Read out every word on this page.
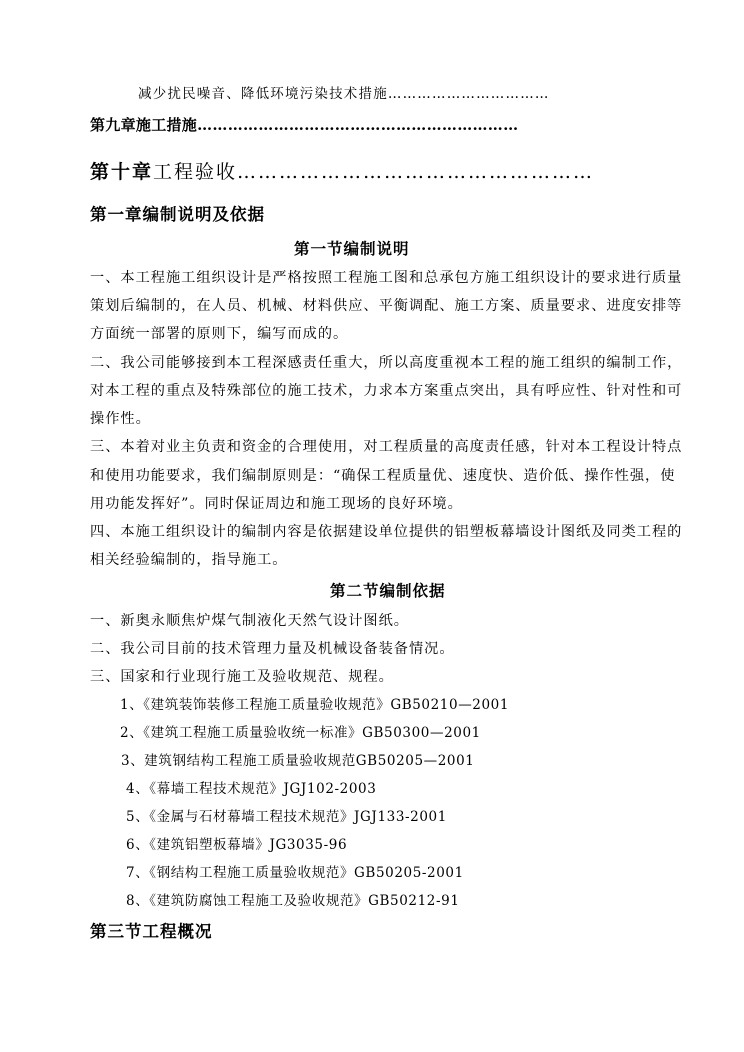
减少扰民噪音、降低环境污染技术措施……………………………
第九章施工措施………………………………………………………
第十章工程验收……………………………………………
第一章编制说明及依据
第一节编制说明
一、本工程施工组织设计是严格按照工程施工图和总承包方施工组织设计的要求进行质量
策划后编制的，在人员、机械、材料供应、平衡调配、施工方案、质量要求、进度安排等
方面统一部署的原则下，编写而成的。
二、我公司能够接到本工程深感责任重大，所以高度重视本工程的施工组织的编制工作，
对本工程的重点及特殊部位的施工技术，力求本方案重点突出，具有呼应性、针对性和可
操作性。
三、本着对业主负责和资金的合理使用，对工程质量的高度责任感，针对本工程设计特点
和使用功能要求，我们编制原则是：“确保工程质量优、速度快、造价低、操作性强，使
用功能发挥好”。同时保证周边和施工现场的良好环境。
四、本施工组织设计的编制内容是依据建设单位提供的铝塑板幕墙设计图纸及同类工程的
相关经验编制的，指导施工。
第二节编制依据
一、新奥永顺焦炉煤气制液化天然气设计图纸。
二、我公司目前的技术管理力量及机械设备装备情况。
三、国家和行业现行施工及验收规范、规程。
1、《建筑装饰装修工程施工质量验收规范》GB50210—2001
2、《建筑工程施工质量验收统一标准》GB50300—2001
3、建筑钢结构工程施工质量验收规范GB50205—2001
4、《幕墙工程技术规范》JGJ102-2003
5、《金属与石材幕墙工程技术规范》JGJ133-2001
6、《建筑铝塑板幕墙》JG3035-96
7、《钢结构工程施工质量验收规范》GB50205-2001
8、《建筑防腐蚀工程施工及验收规范》GB50212-91
第三节工程概况
